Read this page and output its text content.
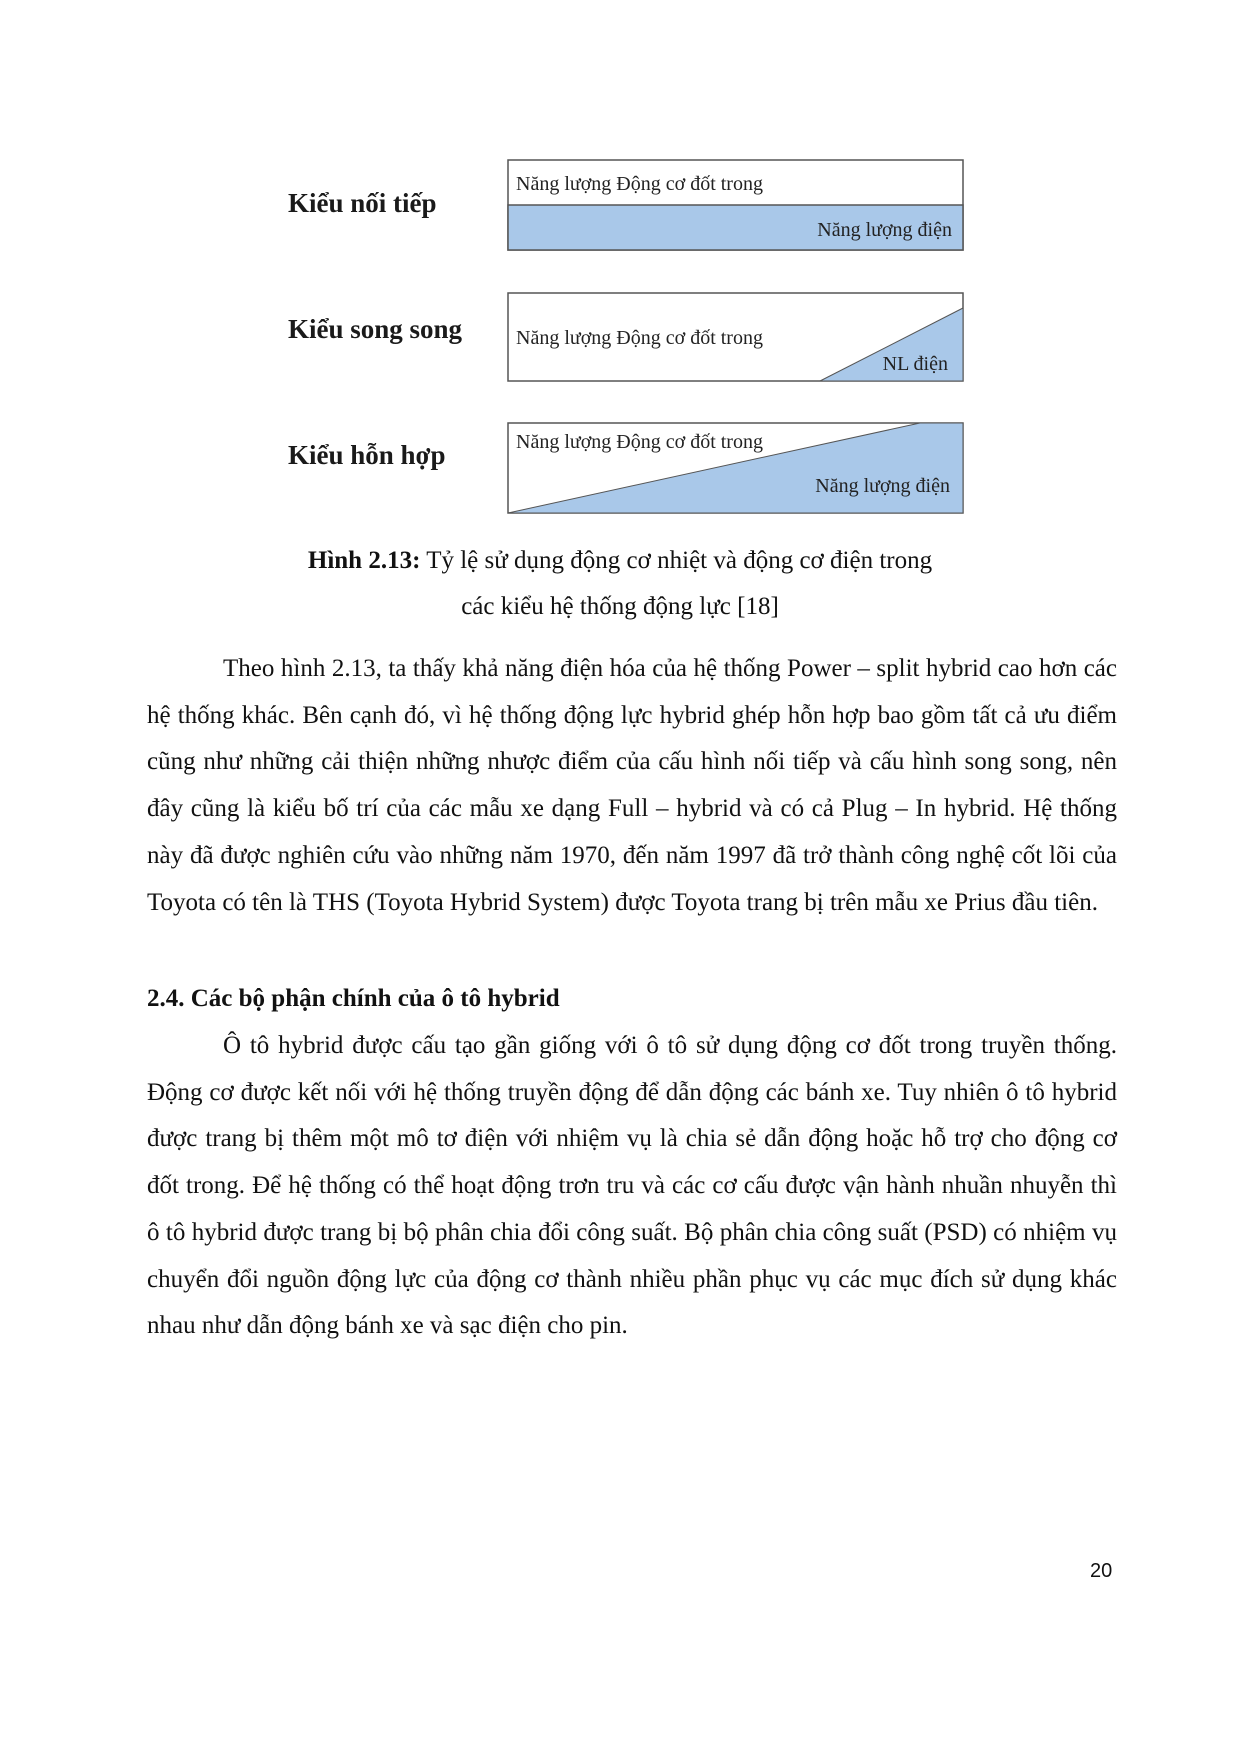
Kiểu nối tiếp
Kiểu song song
Kiểu hỗn hợp
Năng lượng Động cơ đốt trong
Năng lượng điện
Năng lượng Động cơ đốt trong
NL điện
Năng lượng Động cơ đốt trong
Năng lượng điện
Hình 2.13: Tỷ lệ sử dụng động cơ nhiệt và động cơ điện trong
các kiểu hệ thống động lực [18]

Theo hình 2.13, ta thấy khả năng điện hóa của hệ thống Power – split hybrid cao hơn các hệ thống khác. Bên cạnh đó, vì hệ thống động lực hybrid ghép hỗn hợp bao gồm tất cả ưu điểm cũng như những cải thiện những nhược điểm của cấu hình nối tiếp và cấu hình song song, nên đây cũng là kiểu bố trí của các mẫu xe dạng Full – hybrid và có cả Plug – In hybrid. Hệ thống này đã được nghiên cứu vào những năm 1970, đến năm 1997 đã trở thành công nghệ cốt lõi của Toyota có tên là THS (Toyota Hybrid System) được Toyota trang bị trên mẫu xe Prius đầu tiên.

2.4. Các bộ phận chính của ô tô hybrid

Ô tô hybrid được cấu tạo gần giống với ô tô sử dụng động cơ đốt trong truyền thống. Động cơ được kết nối với hệ thống truyền động để dẫn động các bánh xe. Tuy nhiên ô tô hybrid được trang bị thêm một mô tơ điện với nhiệm vụ là chia sẻ dẫn động hoặc hỗ trợ cho động cơ đốt trong. Để hệ thống có thể hoạt động trơn tru và các cơ cấu được vận hành nhuần nhuyễn thì ô tô hybrid được trang bị bộ phân chia đổi công suất. Bộ phân chia công suất (PSD) có nhiệm vụ chuyển đổi nguồn động lực của động cơ thành nhiều phần phục vụ các mục đích sử dụng khác nhau như dẫn động bánh xe và sạc điện cho pin.

20
